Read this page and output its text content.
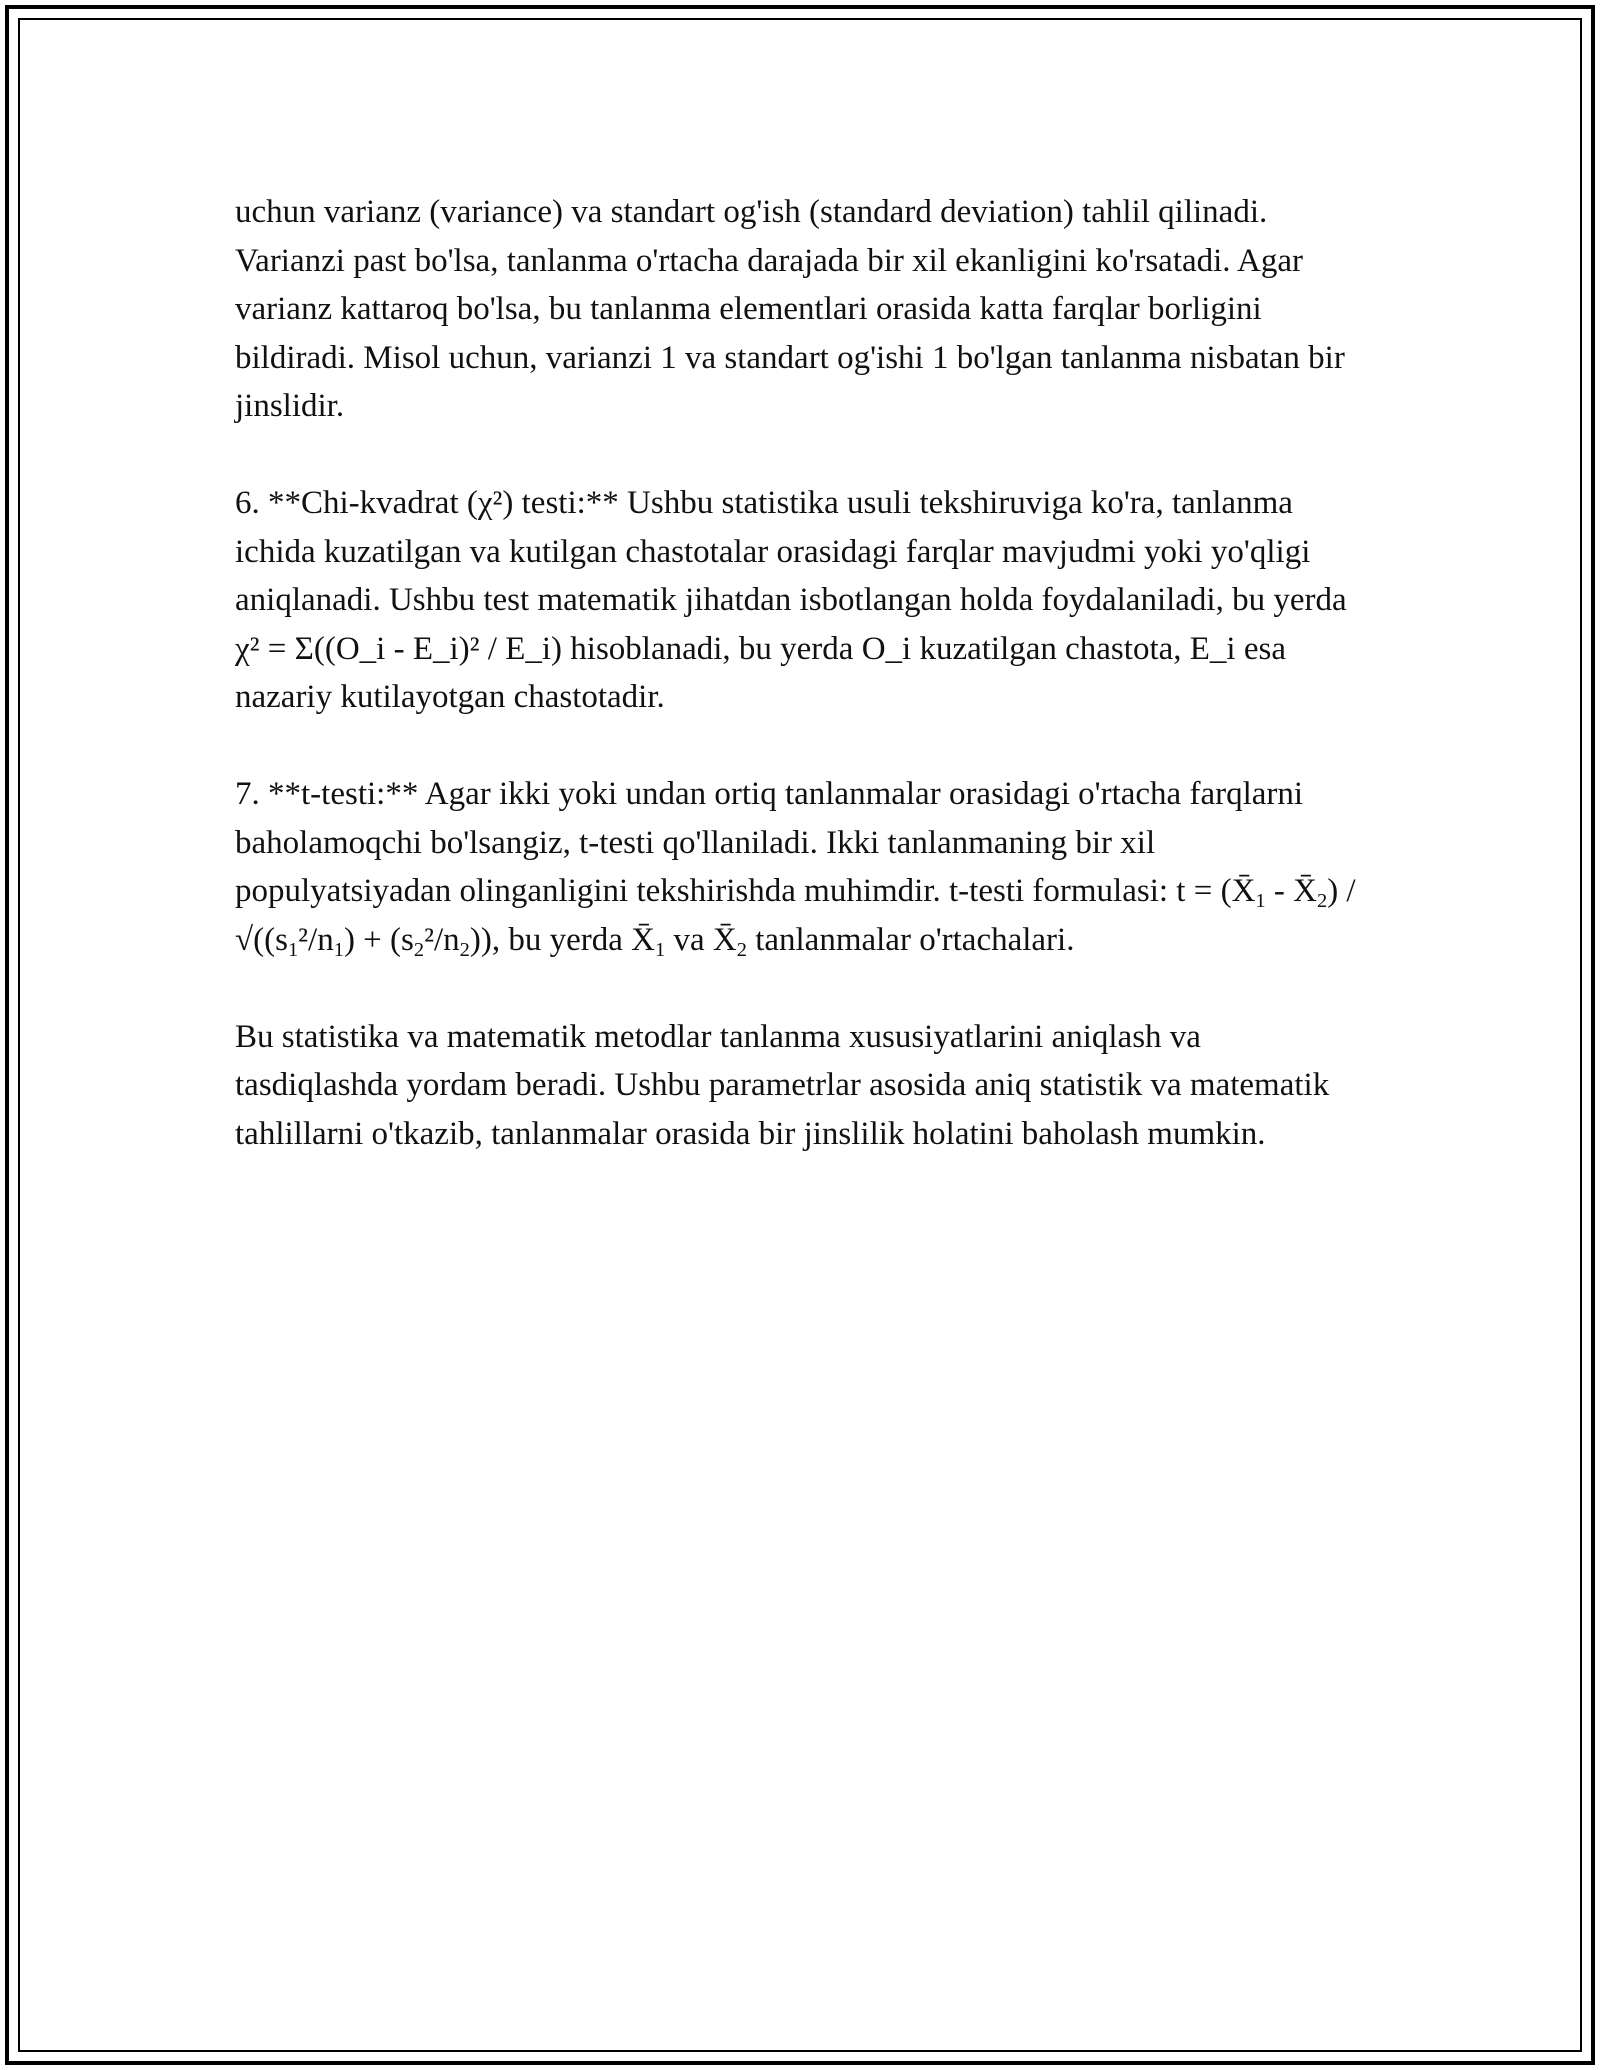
uchun varianz (variance) va standart og'ish (standard deviation) tahlil qilinadi. Varianzi past bo'lsa, tanlanma o'rtacha darajada bir xil ekanligini ko'rsatadi. Agar varianz kattaroq bo'lsa, bu tanlanma elementlari orasida katta farqlar borligini bildiradi. Misol uchun, varianzi 1 va standart og'ishi 1 bo'lgan tanlanma nisbatan bir jinslidir.

6. **Chi-kvadrat (χ²) testi:** Ushbu statistika usuli tekshiruviga ko'ra, tanlanma ichida kuzatilgan va kutilgan chastotalar orasidagi farqlar mavjudmi yoki yo'qligi aniqlanadi. Ushbu test matematik jihatdan isbotlangan holda foydalaniladi, bu yerda χ² = Σ((O_i - E_i)² / E_i) hisoblanadi, bu yerda O_i kuzatilgan chastota, E_i esa nazariy kutilayotgan chastotadir.

7. **t-testi:** Agar ikki yoki undan ortiq tanlanmalar orasidagi o'rtacha farqlarni baholamoqchi bo'lsangiz, t-testi qo'llaniladi. Ikki tanlanmaning bir xil populyatsiyadan olinganligini tekshirishda muhimdir. t-testi formulasi: $t = (X̄_1$ - $X̄_2) / √((s_1^2/n_1) + (s_2^2/n_2))$, bu yerda $X̄_1$ va $X̄_2$ tanlanmalar o'rtachalari.

Bu statistika va matematik metodlar tanlanma xususiyatlarini aniqlash va tasdiqlashda yordam beradi. Ushbu parametrlar asosida aniq statistik va matematik tahlillarni o'tkazib, tanlanmalar orasida bir jinslilik holatini baholash mumkin.
